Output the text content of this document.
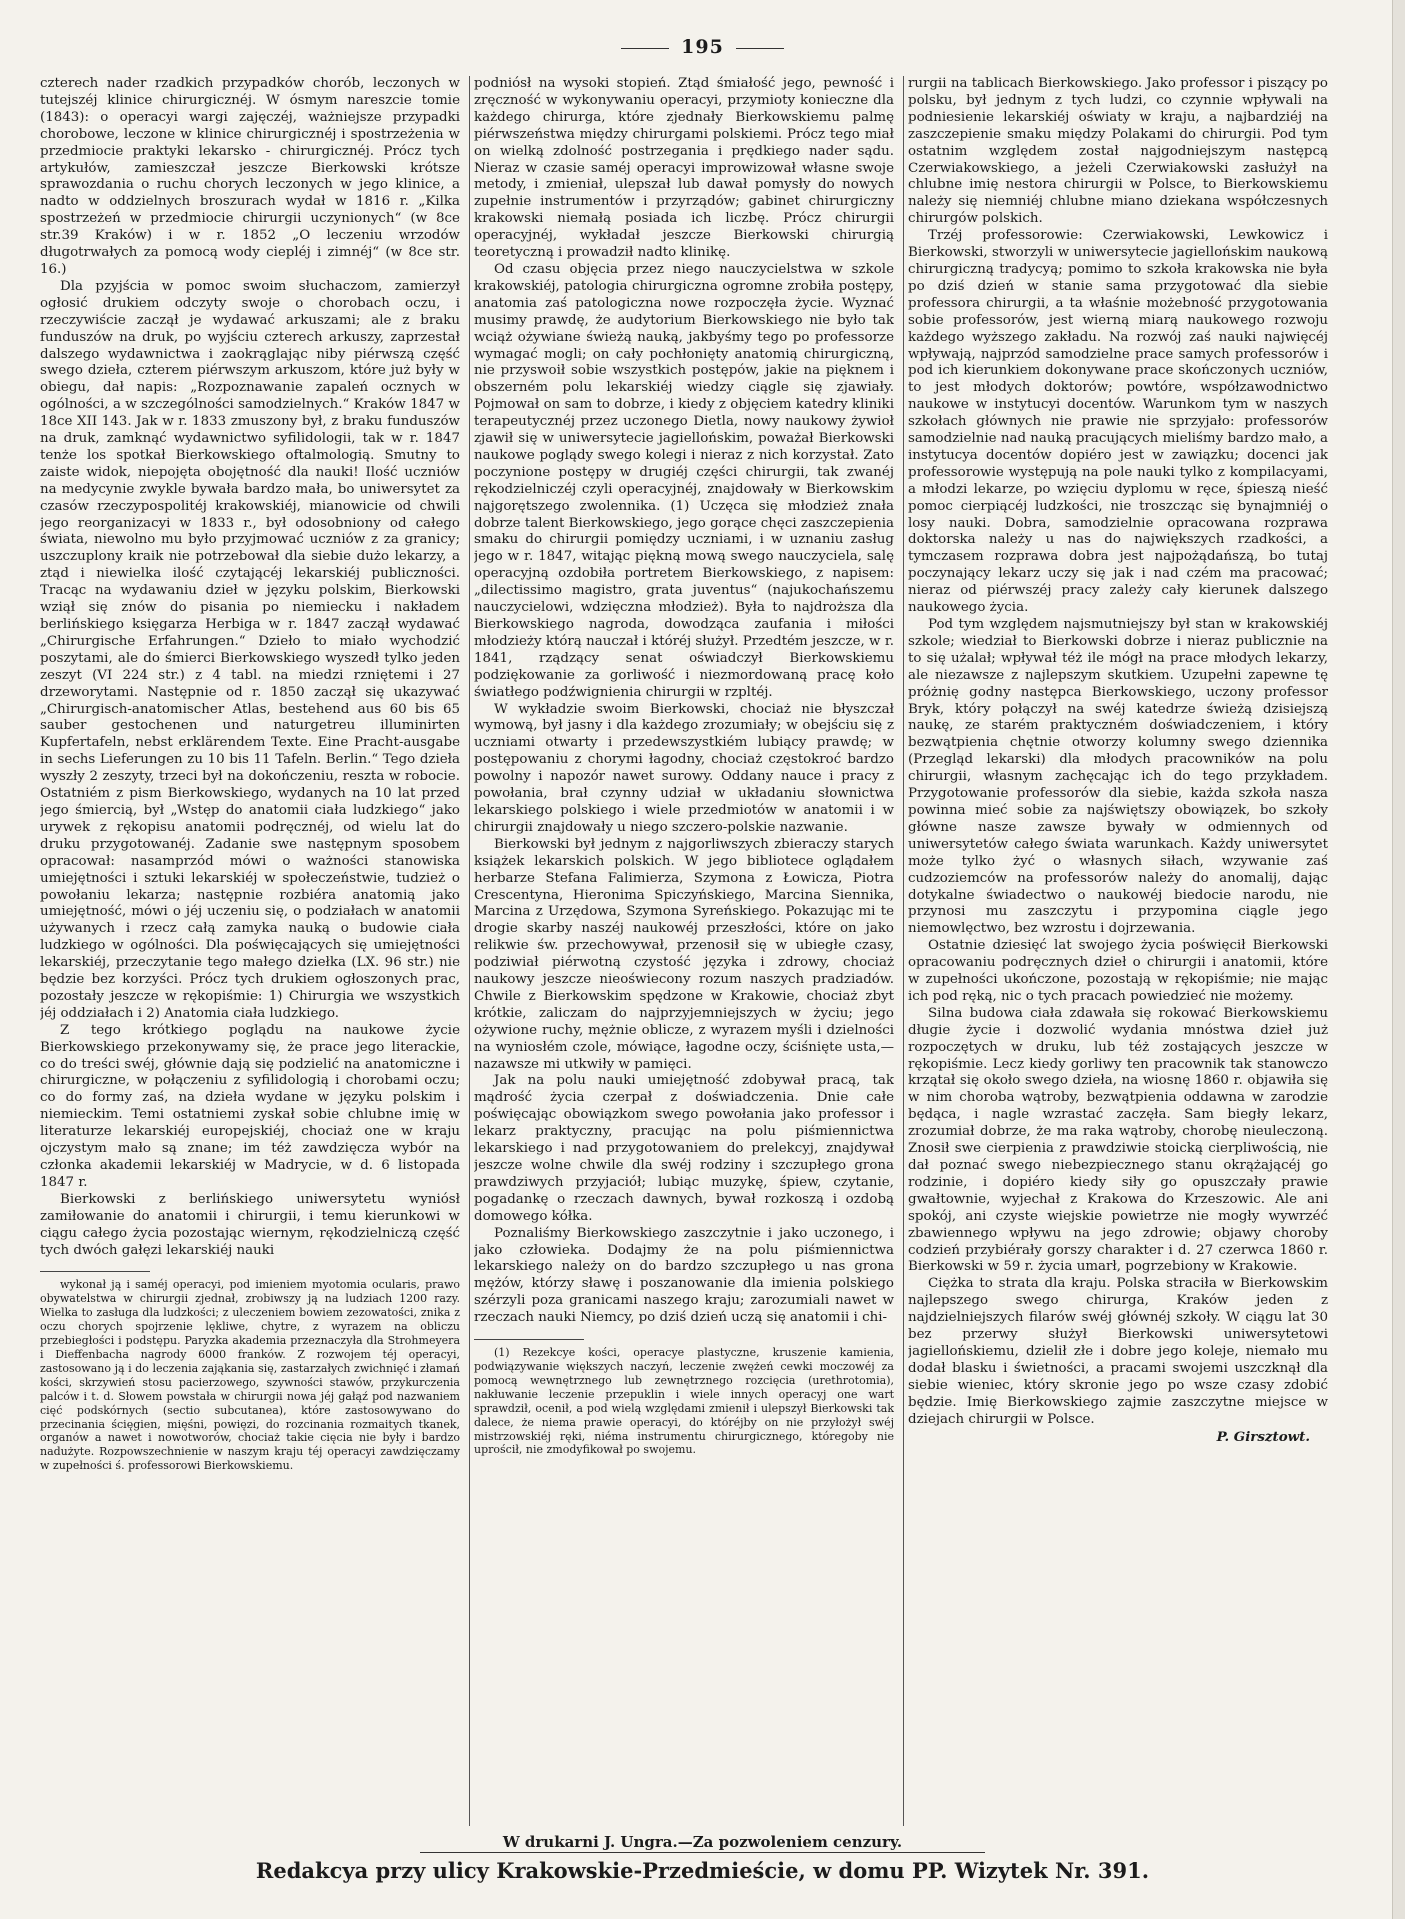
195

czterech nader rzadkich przypadków chorób, leczonych w tutejszéj klinice chirurgicznéj. W ósmym nareszcie tomie (1843): o operacyi wargi zajęczéj, ważniejsze przypadki chorobowe, leczone w klinice chirurgicznéj i spostrzeżenia w przedmiocie praktyki lekarsko - chirurgicznéj. Prócz tych artykułów, zamieszczał jeszcze Bierkowski krótsze sprawozdania o ruchu chorych leczonych w jego klinice, a nadto w oddzielnych broszurach wydał w 1816 r. „Kilka spostrzeżeń w przedmiocie chirurgii uczynionych“ (w 8ce str.39 Kraków) i w r. 1852 „O leczeniu wrzodów długotrwałych za pomocą wody ciepléj i zimnéj“ (w 8ce str. 16.)

Dla pzyjścia w pomoc swoim słuchaczom, zamierzył ogłosić drukiem odczyty swoje o chorobach oczu, i rzeczywiście zaczął je wydawać arkuszami; ale z braku funduszów na druk, po wyjściu czterech arkuszy, zaprzestał dalszego wydawnictwa i zaokrąglając niby piérwszą część swego dzieła, czterem piérwszym arkuszom, które już były w obiegu, dał napis: „Rozpoznawanie zapaleń ocznych w ogólności, a w szczególności samodzielnych.“ Kraków 1847 w 18ce XII 143. Jak w r. 1833 zmuszony był, z braku funduszów na druk, zamknąć wydawnictwo syfilidologii, tak w r. 1847 tenże los spotkał Bierkowskiego oftalmologią. Smutny to zaiste widok, niepojęta obojętność dla nauki! Ilość uczniów na medycynie zwykle bywała bardzo mała, bo uniwersytet za czasów rzeczypospolitéj krakowskiéj, mianowicie od chwili jego reorganizacyi w 1833 r., był odosobniony od całego świata, niewolno mu było przyjmować uczniów z za granicy; uszczuplony kraik nie potrzebował dla siebie dużo lekarzy, a ztąd i niewielka ilość czytającéj lekarskiéj publiczności. Tracąc na wydawaniu dzieł w języku polskim, Bierkowski wziął się znów do pisania po niemiecku i nakładem berlińskiego księgarza Herbiga w r. 1847 zaczął wydawać „Chirurgische Erfahrungen.“ Dzieło to miało wychodzić poszytami, ale do śmierci Bierkowskiego wyszedł tylko jeden zeszyt (VI 224 str.) z 4 tabl. na miedzi rzniętemi i 27 drzeworytami. Następnie od r. 1850 zaczął się ukazywać „Chirurgisch-anatomischer Atlas, bestehend aus 60 bis 65 sauber gestochenen und naturgetreu illuminirten Kupfertafeln, nebst erklärendem Texte. Eine Pracht-ausgabe in sechs Lieferungen zu 10 bis 11 Tafeln. Berlin.“ Tego dzieła wyszły 2 zeszyty, trzeci był na dokończeniu, reszta w robocie. Ostatniém z pism Bierkowskiego, wydanych na 10 lat przed jego śmiercią, był „Wstęp do anatomii ciała ludzkiego“ jako urywek z rękopisu anatomii podręcznéj, od wielu lat do druku przygotowanéj. Zadanie swe następnym sposobem opracował: nasamprzód mówi o ważności stanowiska umiejętności i sztuki lekarskiéj w społeczeństwie, tudzież o powołaniu lekarza; następnie rozbiéra anatomią jako umiejętność, mówi o jéj uczeniu się, o podziałach w anatomii używanych i rzecz całą zamyka nauką o budowie ciała ludzkiego w ogólności. Dla poświęcających się umiejętności lekarskiéj, przeczytanie tego małego dziełka (LX. 96 str.) nie będzie bez korzyści. Prócz tych drukiem ogłoszonych prac, pozostały jeszcze w rękopiśmie: 1) Chirurgia we wszystkich jéj oddziałach i 2) Anatomia ciała ludzkiego.

Z tego krótkiego poglądu na naukowe życie Bierkowskiego przekonywamy się, że prace jego literackie, co do treści swéj, głównie dają się podzielić na anatomiczne i chirurgiczne, w połączeniu z syfilidologią i chorobami oczu; co do formy zaś, na dzieła wydane w języku polskim i niemieckim. Temi ostatniemi zyskał sobie chlubne imię w literaturze lekarskiéj europejskiéj, chociaż one w kraju ojczystym mało są znane; im téż zawdzięcza wybór na członka akademii lekarskiéj w Madrycie, w d. 6 listopada 1847 r.

Bierkowski z berlińskiego uniwersytetu wyniósł zamiłowanie do anatomii i chirurgii, i temu kierunkowi w ciągu całego życia pozostając wiernym, rękodzielniczą część tych dwóch gałęzi lekarskiéj nauki

wykonał ją i saméj operacyi, pod imieniem myotomia ocularis, prawo obywatelstwa w chirurgii zjednał, zrobiwszy ją na ludziach 1200 razy. Wielka to zasługa dla ludzkości; z uleczeniem bowiem zezowatości, znika z oczu chorych spojrzenie lękliwe, chytre, z wyrazem na obliczu przebiegłości i podstępu. Paryzka akademia przeznaczyła dla Strohmeyera i Dieffenbacha nagrody 6000 franków. Z rozwojem téj operacyi, zastosowano ją i do leczenia zająkania się, zastarzałych zwichnięć i złamań kości, skrzywień stosu pacierzowego, szywności stawów, przykurczenia palców i t. d. Słowem powstała w chirurgii nowa jéj gałąź pod nazwaniem cięć podskórnych (sectio subcutanea), które zastosowywano do przecinania ścięgien, mięśni, powięzi, do rozcinania rozmaitych tkanek, organów a nawet i nowotworów, chociaż takie cięcia nie były i bardzo nadużyte. Rozpowszechnienie w naszym kraju téj operacyi zawdzięczamy w zupełności ś. professorowi Bierkowskiemu.

podniósł na wysoki stopień. Ztąd śmiałość jego, pewność i zręczność w wykonywaniu operacyi, przymioty konieczne dla każdego chirurga, które zjednały Bierkowskiemu palmę piérwszeństwa między chirurgami polskiemi. Prócz tego miał on wielką zdolność postrzegania i prędkiego nader sądu. Nieraz w czasie saméj operacyi improwizował własne swoje metody, i zmieniał, ulepszał lub dawał pomysły do nowych zupełnie instrumentów i przyrządów; gabinet chirurgiczny krakowski niemałą posiada ich liczbę. Prócz chirurgii operacyjnéj, wykładał jeszcze Bierkowski chirurgią teoretyczną i prowadził nadto klinikę.

Od czasu objęcia przez niego nauczycielstwa w szkole krakowskiéj, patologia chirurgiczna ogromne zrobiła postępy, anatomia zaś patologiczna nowe rozpoczęła życie. Wyznać musimy prawdę, że audytorium Bierkowskiego nie było tak wciąż ożywiane świeżą nauką, jakbyśmy tego po professorze wymagać mogli; on cały pochłonięty anatomią chirurgiczną, nie przyswoił sobie wszystkich postępów, jakie na pięknem i obszerném polu lekarskiéj wiedzy ciągle się zjawiały. Pojmował on sam to dobrze, i kiedy z objęciem katedry kliniki terapeutycznéj przez uczonego Dietla, nowy naukowy żywioł zjawił się w uniwersytecie jagiellońskim, poważał Bierkowski naukowe poglądy swego kolegi i nieraz z nich korzystał. Zato poczynione postępy w drugiéj części chirurgii, tak zwanéj rękodzielniczéj czyli operacyjnéj, znajdowały w Bierkowskim najgorętszego zwolennika. (1) Uczęca się młodzież znała dobrze talent Bierkowskiego, jego gorące chęci zaszczepienia smaku do chirurgii pomiędzy uczniami, i w uznaniu zasług jego w r. 1847, witając piękną mową swego nauczyciela, salę operacyjną ozdobiła portretem Bierkowskiego, z napisem: „dilectissimo magistro, grata juventus“ (najukochańszemu nauczycielowi, wdzięczna młodzież). Była to najdroższa dla Bierkowskiego nagroda, dowodząca zaufania i miłości młodzieży którą nauczał i któréj służył. Przedtém jeszcze, w r. 1841, rządzący senat oświadczył Bierkowskiemu podziękowanie za gorliwość i niezmordowaną pracę koło światłego podźwignienia chirurgii w rzpltéj.

W wykładzie swoim Bierkowski, chociaż nie błyszczał wymową, był jasny i dla każdego zrozumiały; w obejściu się z uczniami otwarty i przedewszystkiém lubiący prawdę; w postępowaniu z chorymi łagodny, chociaż częstokroć bardzo powolny i napozór nawet surowy. Oddany nauce i pracy z powołania, brał czynny udział w układaniu słownictwa lekarskiego polskiego i wiele przedmiotów w anatomii i w chirurgii znajdowały u niego szczero-polskie nazwanie.

Bierkowski był jednym z najgorliwszych zbieraczy starych książek lekarskich polskich. W jego bibliotece oglądałem herbarze Stefana Falimierza, Szymona z Łowicza, Piotra Crescentyna, Hieronima Spiczyńskiego, Marcina Siennika, Marcina z Urzędowa, Szymona Syreńskiego. Pokazując mi te drogie skarby naszéj naukowéj przeszłości, które on jako relikwie św. przechowywał, przenosił się w ubiegłe czasy, podziwiał piérwotną czystość języka i zdrowy, chociaż naukowy jeszcze nieoświecony rozum naszych pradziadów. Chwile z Bierkowskim spędzone w Krakowie, chociaż zbyt krótkie, zaliczam do najprzyjemniejszych w życiu; jego ożywione ruchy, mężnie oblicze, z wyrazem myśli i dzielności na wyniosłém czole, mówiące, łagodne oczy, ściśnięte usta,—nazawsze mi utkwiły w pamięci.

Jak na polu nauki umiejętność zdobywał pracą, tak mądrość życia czerpał z doświadczenia. Dnie całe poświęcając obowiązkom swego powołania jako professor i lekarz praktyczny, pracując na polu piśmiennictwa lekarskiego i nad przygotowaniem do prelekcyj, znajdywał jeszcze wolne chwile dla swéj rodziny i szczupłego grona prawdziwych przyjaciół; lubiąc muzykę, śpiew, czytanie, pogadankę o rzeczach dawnych, bywał rozkoszą i ozdobą domowego kółka.

Poznaliśmy Bierkowskiego zaszczytnie i jako uczonego, i jako człowieka. Dodajmy że na polu piśmiennictwa lekarskiego należy on do bardzo szczupłego u nas grona mężów, którzy sławę i poszanowanie dla imienia polskiego szérzyli poza granicami naszego kraju; zarozumiali nawet w rzeczach nauki Niemcy, po dziś dzień uczą się anatomii i chi-

(1) Rezekcye kości, operacye plastyczne, kruszenie kamienia, podwiązywanie większych naczyń, leczenie zwężeń cewki moczowéj za pomocą wewnętrznego lub zewnętrznego rozcięcia (urethrotomia), nakłuwanie leczenie przepuklin i wiele innych operacyj one wart sprawdził, ocenił, a pod wielą względami zmienił i ulepszył Bierkowski tak dalece, że niema prawie operacyi, do któréjby on nie przyłożył swéj mistrzowskiéj ręki, niéma instrumentu chirurgicznego, któregoby nie uprościł, nie zmodyfikował po swojemu.

rurgii na tablicach Bierkowskiego. Jako professor i piszący po polsku, był jednym z tych ludzi, co czynnie wpływali na podniesienie lekarskiéj oświaty w kraju, a najbardziéj na zaszczepienie smaku między Polakami do chirurgii. Pod tym ostatnim względem został najgodniejszym następcą Czerwiakowskiego, a jeżeli Czerwiakowski zasłużył na chlubne imię nestora chirurgii w Polsce, to Bierkowskiemu należy się niemniéj chlubne miano dziekana współczesnych chirurgów polskich.

Trzéj professorowie: Czerwiakowski, Lewkowicz i Bierkowski, stworzyli w uniwersytecie jagiellońskim naukową chirurgiczną tradycyą; pomimo to szkoła krakowska nie była po dziś dzień w stanie sama przygotować dla siebie professora chirurgii, a ta właśnie możebność przygotowania sobie professorów, jest wierną miarą naukowego rozwoju każdego wyższego zakładu. Na rozwój zaś nauki najwięcéj wpływają, najprzód samodzielne prace samych professorów i pod ich kierunkiem dokonywane prace skończonych uczniów, to jest młodych doktorów; powtóre, współzawodnictwo naukowe w instytucyi docentów. Warunkom tym w naszych szkołach głównych nie prawie nie sprzyjało: professorów samodzielnie nad nauką pracujących mieliśmy bardzo mało, a instytucya docentów dopiéro jest w zawiązku; docenci jak professorowie występują na pole nauki tylko z kompilacyami, a młodzi lekarze, po wzięciu dyplomu w ręce, śpieszą nieść pomoc cierpiącéj ludzkości, nie troszcząc się bynajmniéj o losy nauki. Dobra, samodzielnie opracowana rozprawa doktorska należy u nas do największych rzadkości, a tymczasem rozprawa dobra jest najpożądańszą, bo tutaj poczynający lekarz uczy się jak i nad czém ma pracować; nieraz od piérwszéj pracy zależy cały kierunek dalszego naukowego życia.

Pod tym względem najsmutniejszy był stan w krakowskiéj szkole; wiedział to Bierkowski dobrze i nieraz publicznie na to się użalał; wpływał téż ile mógł na prace młodych lekarzy, ale niezawsze z najlepszym skutkiem. Uzupełni zapewne tę próżnię godny następca Bierkowskiego, uczony professor Bryk, który połączył na swéj katedrze świeżą dzisiejszą naukę, ze starém praktyczném doświadczeniem, i który bezwątpienia chętnie otworzy kolumny swego dziennika (Przegląd lekarski) dla młodych pracowników na polu chirurgii, własnym zachęcając ich do tego przykładem. Przygotowanie professorów dla siebie, każda szkoła nasza powinna mieć sobie za najświętszy obowiązek, bo szkoły główne nasze zawsze bywały w odmiennych od uniwersytetów całego świata warunkach. Każdy uniwersytet może tylko żyć o własnych siłach, wzywanie zaś cudzoziemców na professorów należy do anomalij, dając dotykalne świadectwo o naukowéj biedocie narodu, nie przynosi mu zaszczytu i przypomina ciągle jego niemowlęctwo, bez wzrostu i dojrzewania.

Ostatnie dziesięć lat swojego życia poświęcił Bierkowski opracowaniu podręcznych dzieł o chirurgii i anatomii, które w zupełności ukończone, pozostają w rękopiśmie; nie mając ich pod ręką, nic o tych pracach powiedzieć nie możemy.

Silna budowa ciała zdawała się rokować Bierkowskiemu długie życie i dozwolić wydania mnóstwa dzieł już rozpoczętych w druku, lub téż zostających jeszcze w rękopiśmie. Lecz kiedy gorliwy ten pracownik tak stanowczo krzątał się około swego dzieła, na wiosnę 1860 r. objawiła się w nim choroba wątroby, bezwątpienia oddawna w zarodzie będąca, i nagle wzrastać zaczęła. Sam biegły lekarz, zrozumiał dobrze, że ma raka wątroby, chorobę nieuleczoną. Znosił swe cierpienia z prawdziwie stoicką cierpliwością, nie dał poznać swego niebezpiecznego stanu okrążającéj go rodzinie, i dopiéro kiedy siły go opuszczały prawie gwałtownie, wyjechał z Krakowa do Krzeszowic. Ale ani spokój, ani czyste wiejskie powietrze nie mogły wywrzéć zbawiennego wpływu na jego zdrowie; objawy choroby codzień przybiérały gorszy charakter i d. 27 czerwca 1860 r. Bierkowski w 59 r. życia umarł, pogrzebiony w Krakowie.

Ciężka to strata dla kraju. Polska straciła w Bierkowskim najlepszego swego chirurga, Kraków jeden z najdzielniejszych filarów swéj głównéj szkoły. W ciągu lat 30 bez przerwy służył Bierkowski uniwersytetowi jagiellońskiemu, dzielił złe i dobre jego koleje, niemało mu dodał blasku i świetności, a pracami swojemi uszczknął dla siebie wieniec, który skronie jego po wsze czasy zdobić będzie. Imię Bierkowskiego zajmie zaszczytne miejsce w dziejach chirurgii w Polsce.

P. Girsztowt.

W drukarni J. Ungra.—Za pozwoleniem cenzury.
Redakcya przy ulicy Krakowskie-Przedmieście, w domu PP. Wizytek Nr. 391.
